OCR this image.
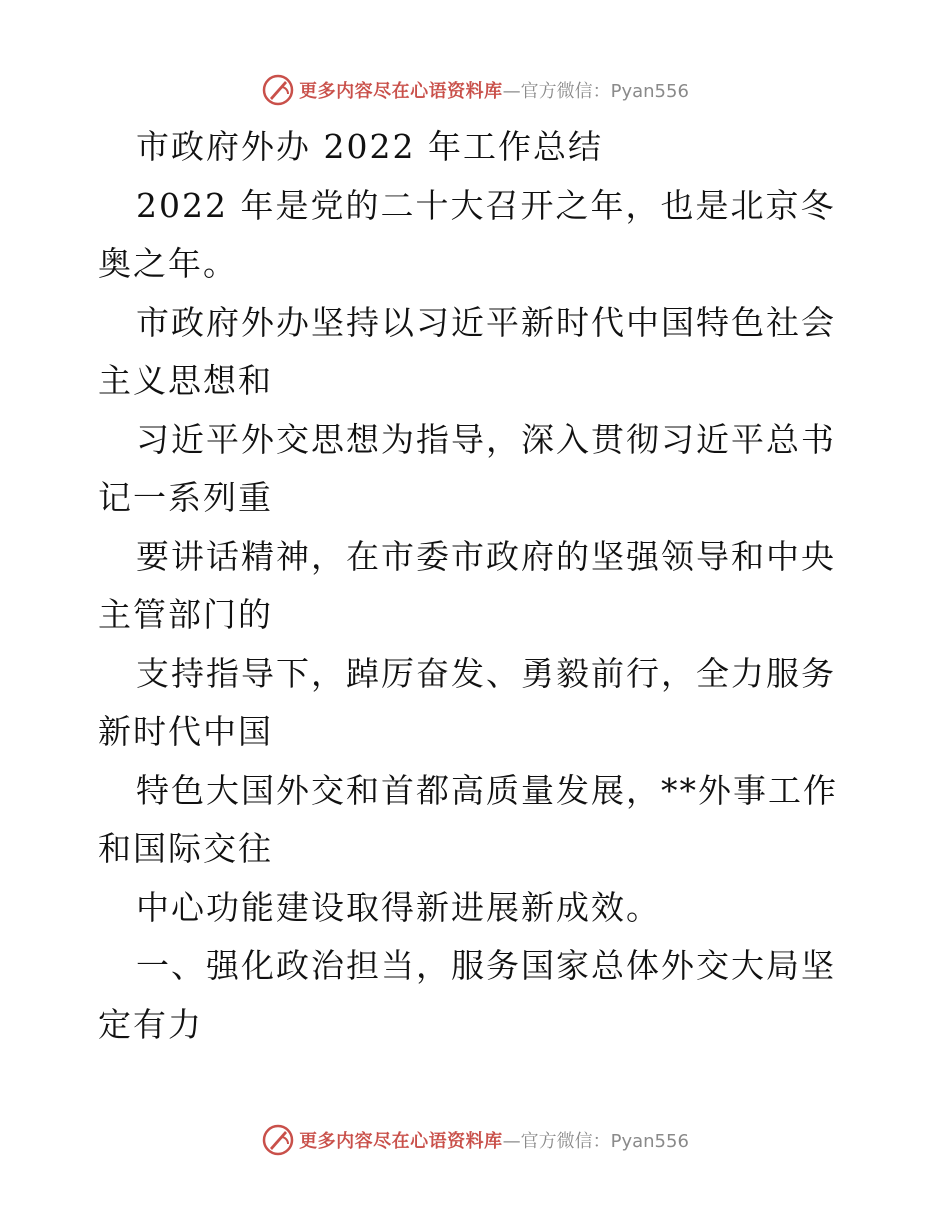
更多内容尽在心语资料库 —官方微信：Pyan556

市政府外办 2022 年工作总结

2022 年是党的二十大召开之年，也是北京冬奥之年。

市政府外办坚持以习近平新时代中国特色社会主义思想和

习近平外交思想为指导，深入贯彻习近平总书记一系列重

要讲话精神，在市委市政府的坚强领导和中央主管部门的

支持指导下，踔厉奋发、勇毅前行，全力服务新时代中国

特色大国外交和首都高质量发展，**外事工作和国际交往

中心功能建设取得新进展新成效。

一、强化政治担当，服务国家总体外交大局坚定有力

更多内容尽在心语资料库 —官方微信：Pyan556
